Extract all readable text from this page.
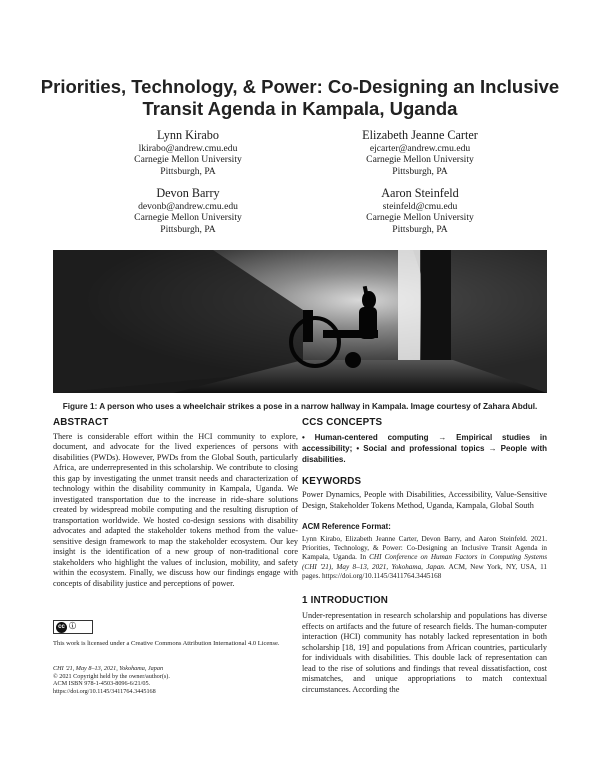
Priorities, Technology, & Power: Co-Designing an Inclusive
Transit Agenda in Kampala, Uganda
Lynn Kirabo
lkirabo@andrew.cmu.edu
Carnegie Mellon University
Pittsburgh, PA
Elizabeth Jeanne Carter
ejcarter@andrew.cmu.edu
Carnegie Mellon University
Pittsburgh, PA
Devon Barry
devonb@andrew.cmu.edu
Carnegie Mellon University
Pittsburgh, PA
Aaron Steinfeld
steinfeld@cmu.edu
Carnegie Mellon University
Pittsburgh, PA
Figure 1: A person who uses a wheelchair strikes a pose in a narrow hallway in Kampala. Image courtesy of Zahara Abdul.
ABSTRACT

There is considerable effort within the HCI community to explore, document, and advocate for the lived experiences of persons with disabilities (PWDs). However, PWDs from the Global South, particularly Africa, are underrepresented in this scholarship. We contribute to closing this gap by investigating the unmet transit needs and characterization of technology within the disability community in Kampala, Uganda. We investigated transportation due to the increase in ride-share solutions created by widespread mobile computing and the resulting disruption of transportation worldwide. We hosted co-design sessions with disability advocates and adapted the stakeholder tokens method from the value-sensitive design framework to map the stakeholder ecosystem. Our key insight is the identification of a new group of non-traditional core stakeholders who highlight the values of inclusion, mobility, and safety within the ecosystem. Finally, we discuss how our findings engage with concepts of disability justice and perceptions of power.

CCS CONCEPTS

• Human-centered computing → Empirical studies in accessibility; • Social and professional topics → People with disabilities.

KEYWORDS

Power Dynamics, People with Disabilities, Accessibility, Value-Sensitive Design, Stakeholder Tokens Method, Uganda, Kampala, Global South

ACM Reference Format:

Lynn Kirabo, Elizabeth Jeanne Carter, Devon Barry, and Aaron Steinfeld. 2021. Priorities, Technology, & Power: Co-Designing an Inclusive Transit Agenda in Kampala, Uganda. In CHI Conference on Human Factors in Computing Systems (CHI '21), May 8–13, 2021, Yokohama, Japan. ACM, New York, NY, USA, 11 pages. https://doi.org/10.1145/3411764.3445168

1 INTRODUCTION

Under-representation in research scholarship and populations has diverse effects on artifacts and the future of research fields. The human-computer interaction (HCI) community has notably lacked representation in both scholarship [18, 19] and populations from African countries, particularly for individuals with disabilities. This double lack of representation can lead to the rise of solutions and findings that reveal dissatisfaction, cost mismatches, and unique appropriations to match contextual circumstances. According the

cc ⓘ
This work is licensed under a Creative Commons Attribution International 4.0 License.
CHI '21, May 8–13, 2021, Yokohama, Japan
© 2021 Copyright held by the owner/author(s).
ACM ISBN 978-1-4503-8096-6/21/05.
https://doi.org/10.1145/3411764.3445168
